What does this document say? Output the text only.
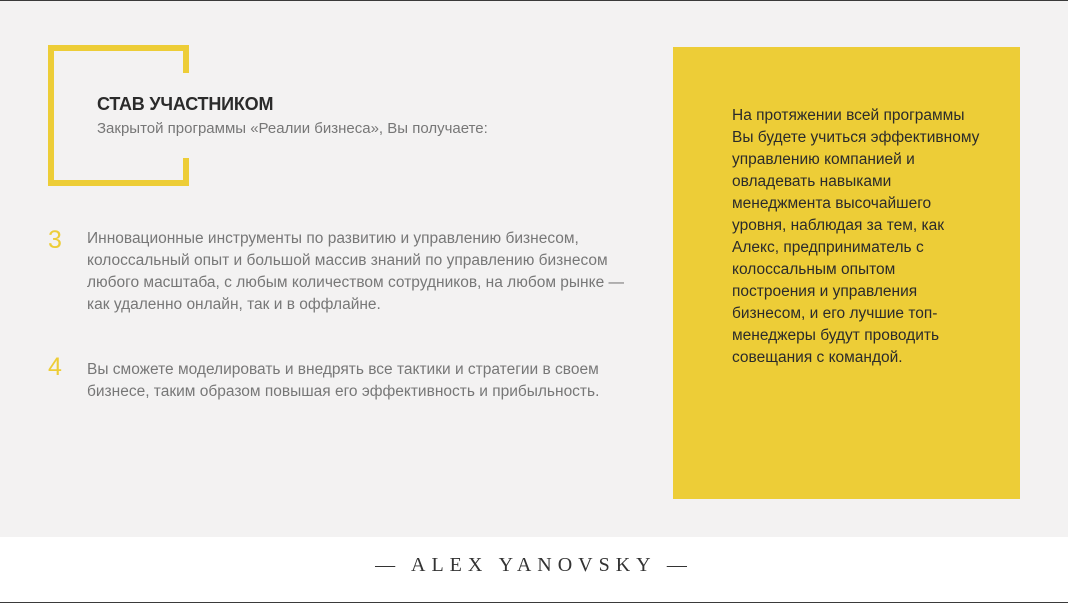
СТАВ УЧАСТНИКОМ
Закрытой программы «Реалии бизнеса», Вы получаете:
3 Инновационные инструменты по развитию и управлению бизнесом, колоссальный опыт и большой массив знаний по управлению бизнесом любого масштаба, с любым количеством сотрудников, на любом рынке — как удаленно онлайн, так и в оффлайне.
4 Вы сможете моделировать и внедрять все тактики и стратегии в своем бизнесе, таким образом повышая его эффективность и прибыльность.
На протяжении всей программы Вы будете учиться эффективному управлению компанией и овладевать навыками менеджмента высочайшего уровня, наблюдая за тем, как Алекс, предприниматель с колоссальным опытом построения и управления бизнесом, и его лучшие топ-менеджеры будут проводить совещания с командой.
— ALEX YANOVSKY —
